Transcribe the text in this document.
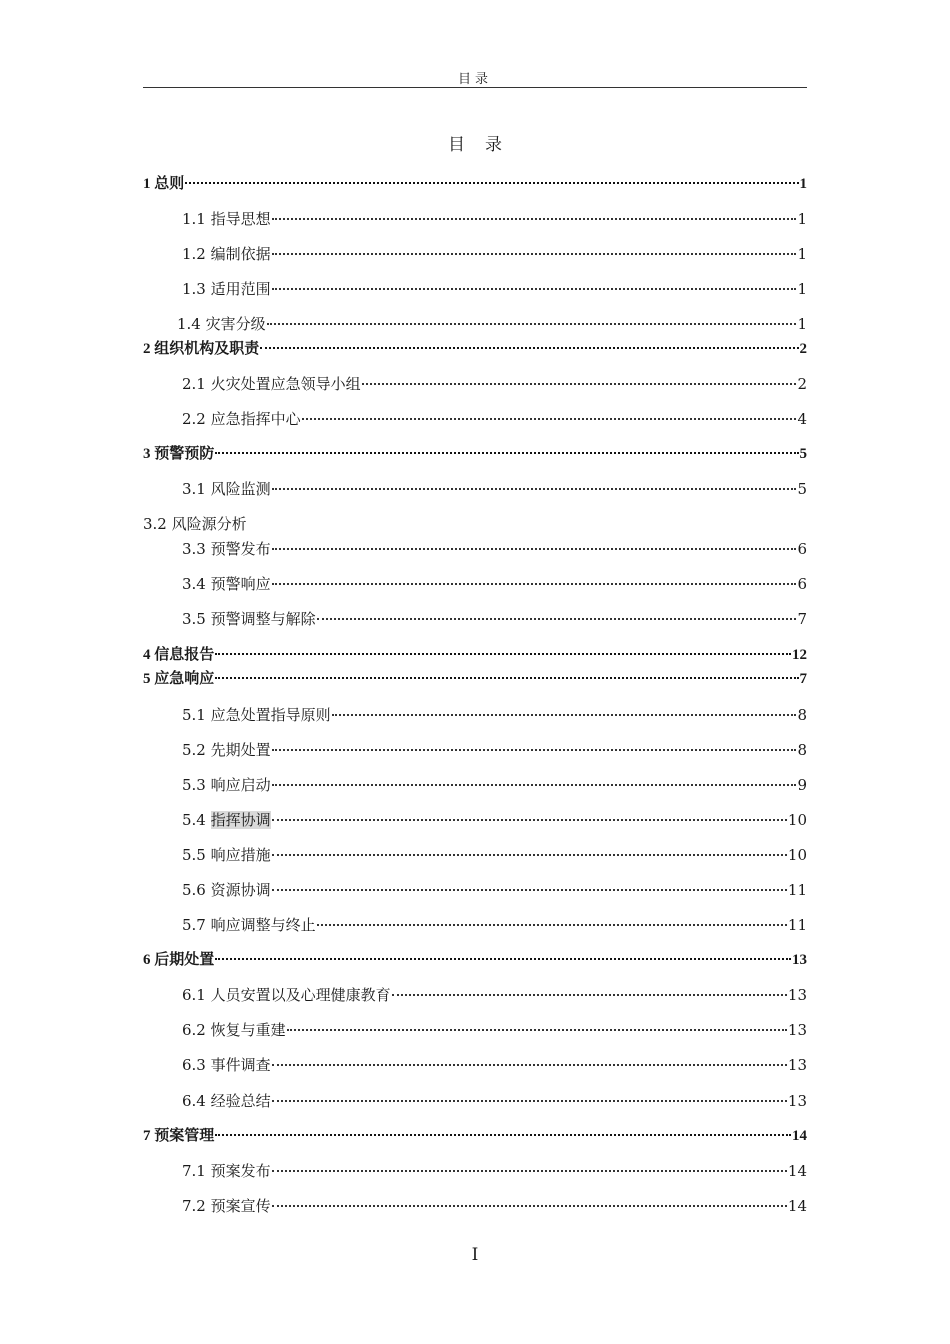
目录
目 录
1 总则	1
1.1 指导思想	1
1.2 编制依据	1
1.3 适用范围	1
1.4 灾害分级	1
2 组织机构及职责	2
2.1 火灾处置应急领导小组	2
2.2 应急指挥中心	4
3 预警预防	5
3.1 风险监测	5
3.2 风险源分析
3.3 预警发布	6
3.4 预警响应	6
3.5 预警调整与解除	7
4 信息报告	12
5 应急响应	7
5.1 应急处置指导原则	8
5.2 先期处置	8
5.3 响应启动	9
5.4 指挥协调	10
5.5 响应措施	10
5.6 资源协调	11
5.7 响应调整与终止	11
6 后期处置	13
6.1 人员安置以及心理健康教育	13
6.2 恢复与重建	13
6.3 事件调查	13
6.4 经验总结	13
7 预案管理	14
7.1 预案发布	14
7.2 预案宣传	14
I
